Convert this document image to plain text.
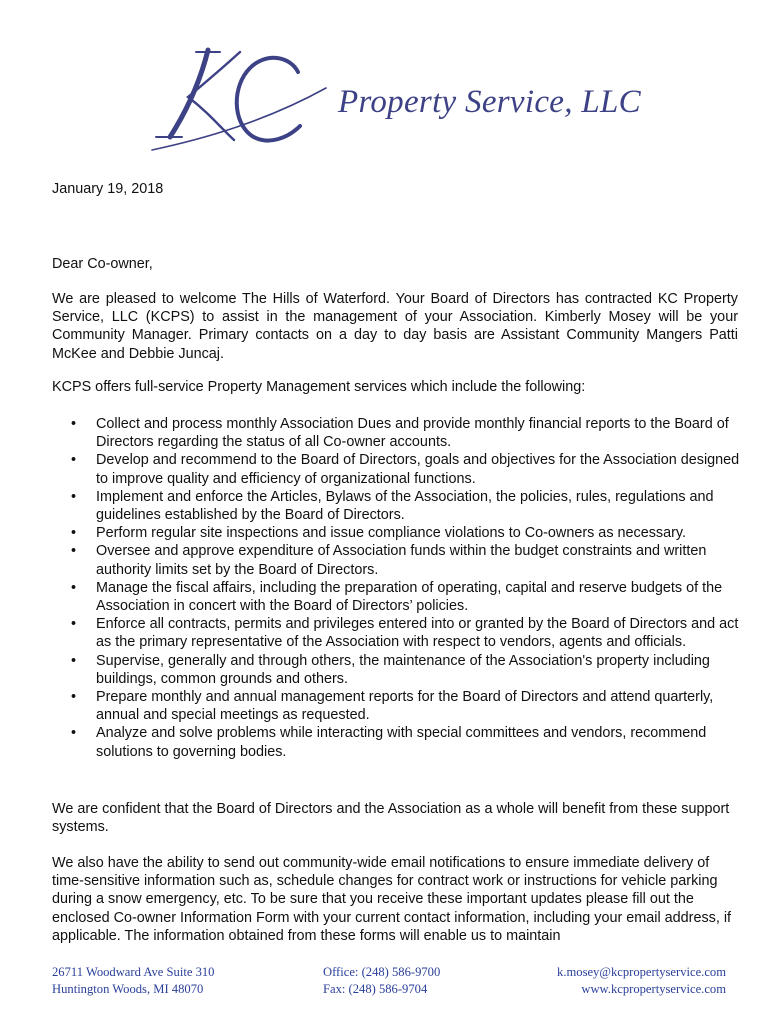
Property Service, LLC
January 19, 2018
Dear Co-owner,
We are pleased to welcome The Hills of Waterford. Your Board of Directors has contracted KC Property Service, LLC (KCPS) to assist in the management of your Association. Kimberly Mosey will be your Community Manager. Primary contacts on a day to day basis are Assistant Community Mangers Patti McKee and Debbie Juncaj.
KCPS offers full-service Property Management services which include the following:
• Collect and process monthly Association Dues and provide monthly financial reports to the Board of Directors regarding the status of all Co-owner accounts.
• Develop and recommend to the Board of Directors, goals and objectives for the Association designed to improve quality and efficiency of organizational functions.
• Implement and enforce the Articles, Bylaws of the Association, the policies, rules, regulations and guidelines established by the Board of Directors.
• Perform regular site inspections and issue compliance violations to Co-owners as necessary.
• Oversee and approve expenditure of Association funds within the budget constraints and written authority limits set by the Board of Directors.
• Manage the fiscal affairs, including the preparation of operating, capital and reserve budgets of the Association in concert with the Board of Directors’ policies.
• Enforce all contracts, permits and privileges entered into or granted by the Board of Directors and act as the primary representative of the Association with respect to vendors, agents and officials.
• Supervise, generally and through others, the maintenance of the Association's property including buildings, common grounds and others.
• Prepare monthly and annual management reports for the Board of Directors and attend quarterly, annual and special meetings as requested.
• Analyze and solve problems while interacting with special committees and vendors, recommend solutions to governing bodies.
We are confident that the Board of Directors and the Association as a whole will benefit from these support systems.
We also have the ability to send out community-wide email notifications to ensure immediate delivery of time-sensitive information such as, schedule changes for contract work or instructions for vehicle parking during a snow emergency, etc. To be sure that you receive these important updates please fill out the enclosed Co-owner Information Form with your current contact information, including your email address, if applicable. The information obtained from these forms will enable us to maintain
26711 Woodward Ave Suite 310
Huntington Woods, MI 48070
Office: (248) 586-9700
Fax: (248) 586-9704
k.mosey@kcpropertyservice.com
www.kcpropertyservice.com
